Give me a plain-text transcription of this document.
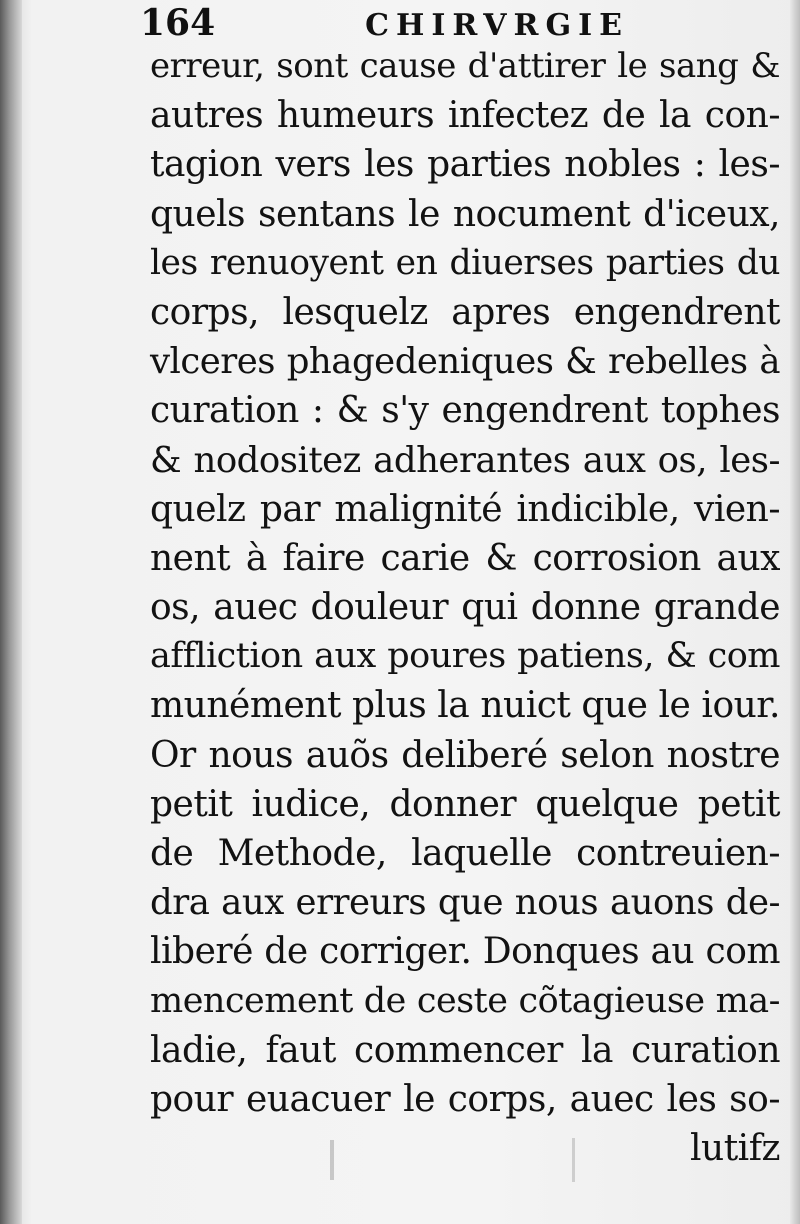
164	CHIRVRGIE
erreur, sont cause d'attirer le sang &
autres humeurs infectez de la con-
tagion vers les parties nobles : les-
quels sentans le nocument d'iceux,
les renuoyent en diuerses parties du
corps, lesquelz apres engendrent
vlceres phagedeniques & rebelles à
curation : & s'y engendrent tophes
& nodositez adherantes aux os, les-
quelz par malignité indicible, vien-
nent à faire carie & corrosion aux
os, auec douleur qui donne grande
affliction aux poures patiens, & com
munément plus la nuict que le iour.
Or nous auõs deliberé selon nostre
petit iudice, donner quelque petit
de Methode, laquelle contreuien-
dra aux erreurs que nous auons de-
liberé de corriger. Donques au com
mencement de ceste cõtagieuse ma-
ladie, faut commencer la curation
pour euacuer le corps, auec les so-
lutifz
